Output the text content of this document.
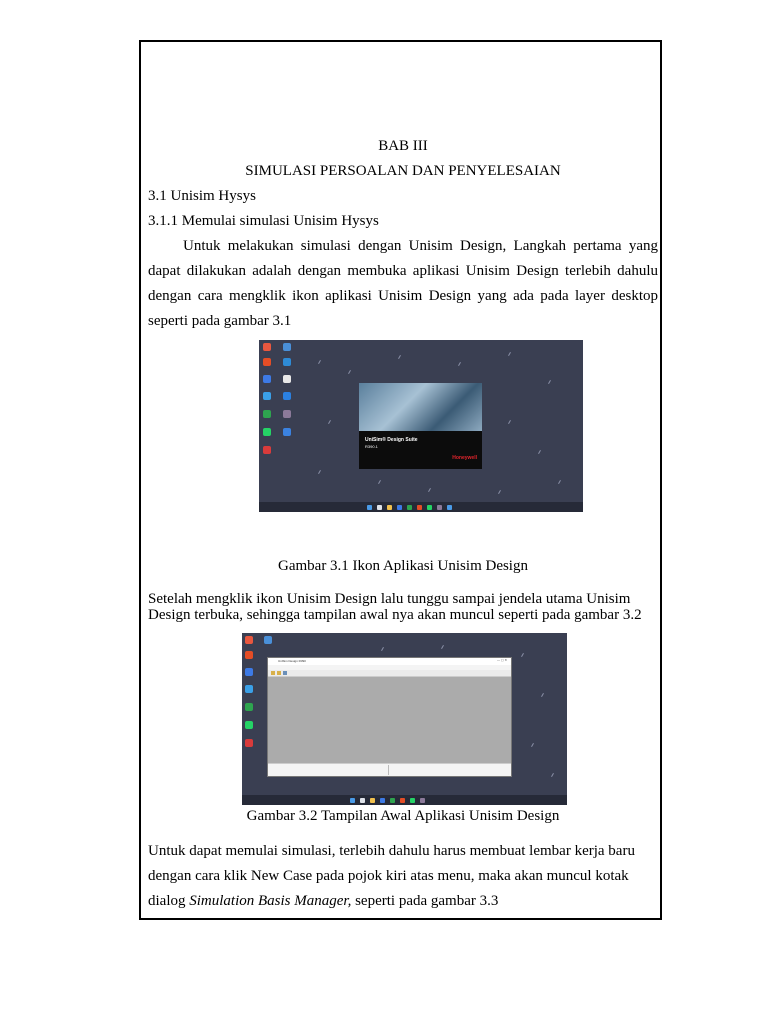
BAB III
SIMULASI PERSOALAN DAN PENYELESAIAN
3.1 Unisim Hysys
3.1.1 Memulai simulasi Unisim Hysys
Untuk melakukan simulasi dengan Unisim Design, Langkah pertama yang
dapat dilakukan adalah dengan membuka aplikasi Unisim Design terlebih dahulu
dengan cara mengklik ikon aplikasi Unisim Design yang ada pada layer desktop
seperti pada gambar 3.1
UniSim® Design Suite
R390.1
Honeywell
Gambar 3.1 Ikon Aplikasi Unisim Design
Setelah mengklik ikon Unisim Design lalu tunggu sampai jendela utama Unisim
Design terbuka, sehingga tampilan awal nya akan muncul seperti pada gambar 3.2
UniSim Design R390	— ▢ ✕
Gambar 3.2 Tampilan Awal Aplikasi Unisim Design
Untuk dapat memulai simulasi, terlebih dahulu harus membuat lembar kerja baru
dengan cara klik New Case pada pojok kiri atas menu, maka akan muncul kotak
dialog Simulation Basis Manager, seperti pada gambar 3.3
